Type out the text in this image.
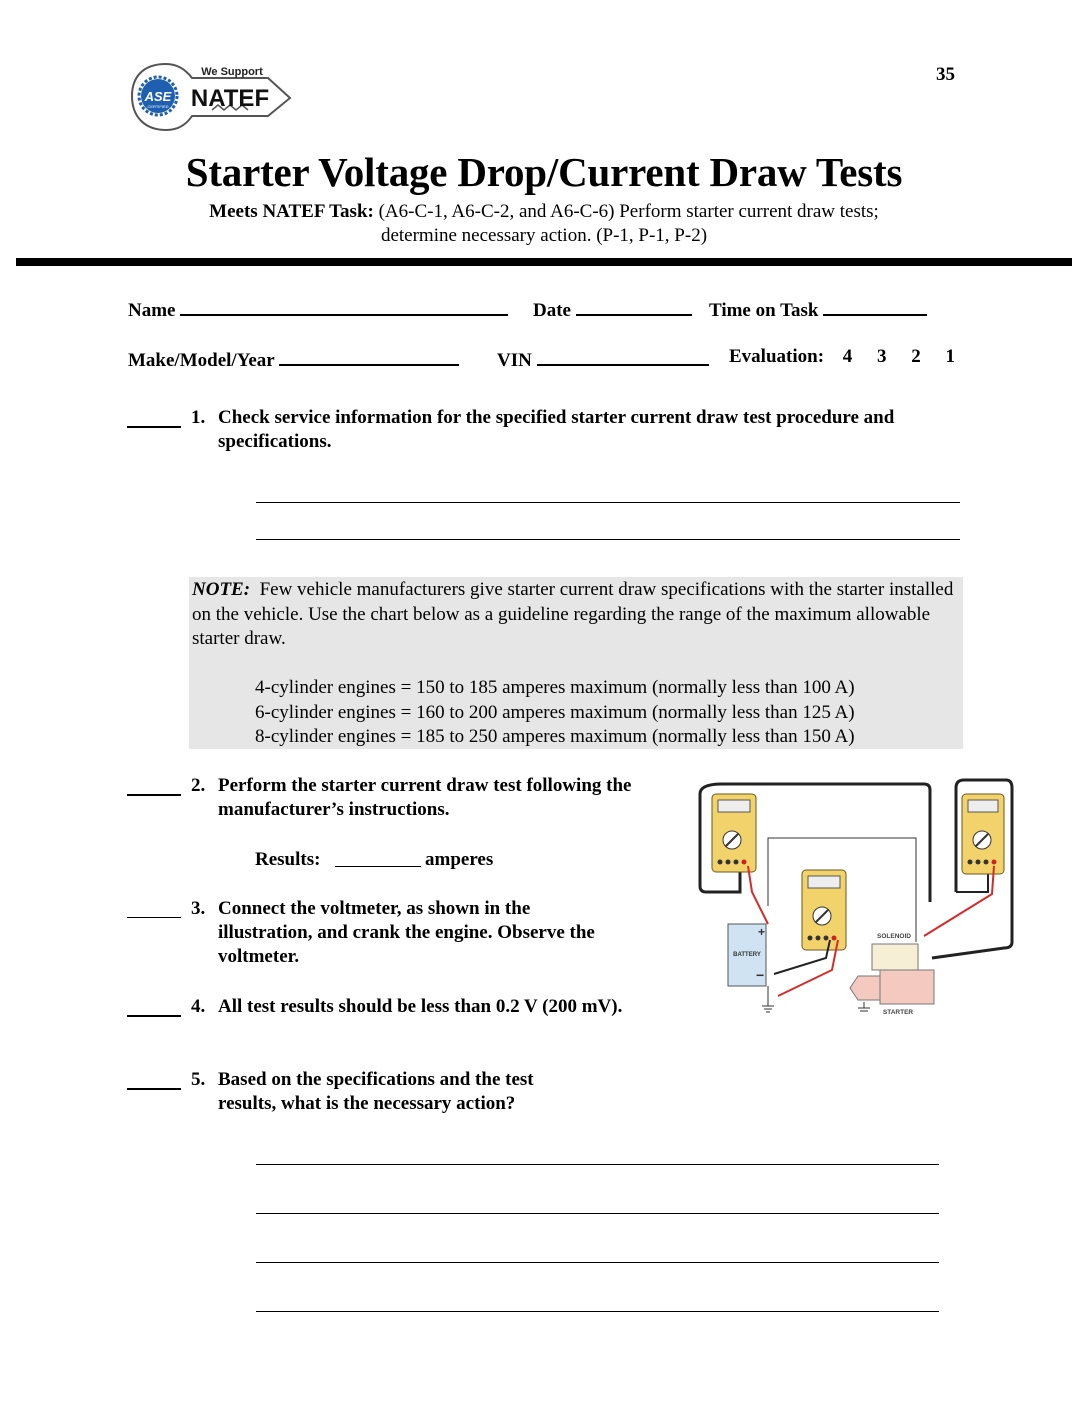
35
ASE
CERTIFIED
We Support
NATEF
Starter Voltage Drop/Current Draw Tests
Meets NATEF Task: (A6-C-1, A6-C-2, and A6-C-6) Perform starter current draw tests;
determine necessary action. (P-1, P-1, P-2)
Name	Date	Time on Task
Make/Model/Year	VIN	Evaluation: 4 3 2 1
1. Check service information for the specified starter current draw test procedure and
specifications.
NOTE: Few vehicle manufacturers give starter current draw specifications with the starter installed on the vehicle. Use the chart below as a guideline regarding the range of the maximum allowable starter draw.
4-cylinder engines = 150 to 185 amperes maximum (normally less than 100 A)
6-cylinder engines = 160 to 200 amperes maximum (normally less than 125 A)
8-cylinder engines = 185 to 250 amperes maximum (normally less than 150 A)
2. Perform the starter current draw test following the
manufacturer’s instructions.
Results:	amperes
3. Connect the voltmeter, as shown in the
illustration, and crank the engine. Observe the
voltmeter.
4. All test results should be less than 0.2 V (200 mV).
5. Based on the specifications and the test
results, what is the necessary action?
+
−
BATTERY
SOLENOID
STARTER
